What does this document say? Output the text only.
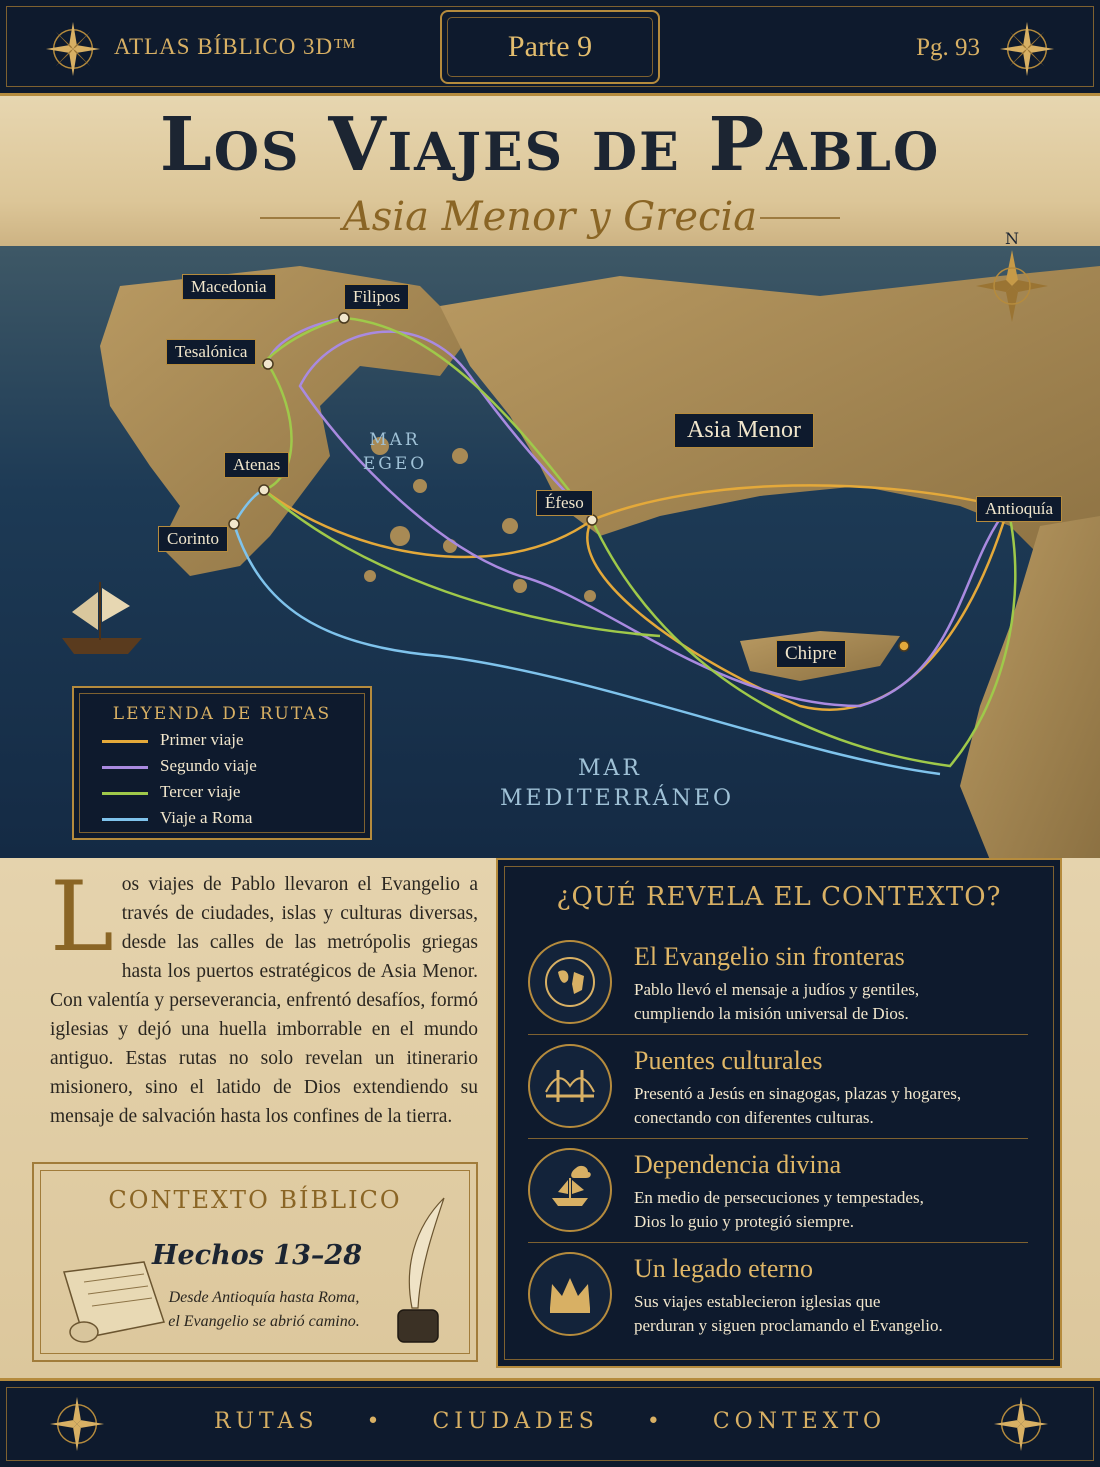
ATLAS BÍBLICO 3D™	Parte 9	Pg. 93
Los Viajes de Pablo
Asia Menor y Grecia	N
Macedonia
Filipos
Tesalónica
Atenas
Corinto
Éfeso	Antioquía
Asia Menor
Chipre
MAR
EGEO
MAR
MEDITERRÁNEO
LEYENDA DE RUTAS
Primer viaje
Segundo viaje
Tercer viaje
Viaje a Roma
Los viajes de Pablo llevaron el Evangelio a través de ciudades, islas y culturas diversas, desde las calles de las metrópolis griegas hasta los puertos estratégicos de Asia Menor. Con valentía y perseverancia, enfrentó desafíos, formó iglesias y dejó una huella imborrable en el mundo antiguo. Estas rutas no solo revelan un itinerario misionero, sino el latido de Dios extendiendo su mensaje de salvación hasta los confines de la tierra.
CONTEXTO BÍBLICO
Hechos 13–28
Desde Antioquía hasta Roma,
el Evangelio se abrió camino.
¿QUÉ REVELA EL CONTEXTO?
El Evangelio sin fronteras
Pablo llevó el mensaje a judíos y gentiles,
cumpliendo la misión universal de Dios.
Puentes culturales
Presentó a Jesús en sinagogas, plazas y hogares,
conectando con diferentes culturas.
Dependencia divina
En medio de persecuciones y tempestades,
Dios lo guio y protegió siempre.
Un legado eterno
Sus viajes establecieron iglesias que
perduran y siguen proclamando el Evangelio.
RUTAS • CIUDADES • CONTEXTO
